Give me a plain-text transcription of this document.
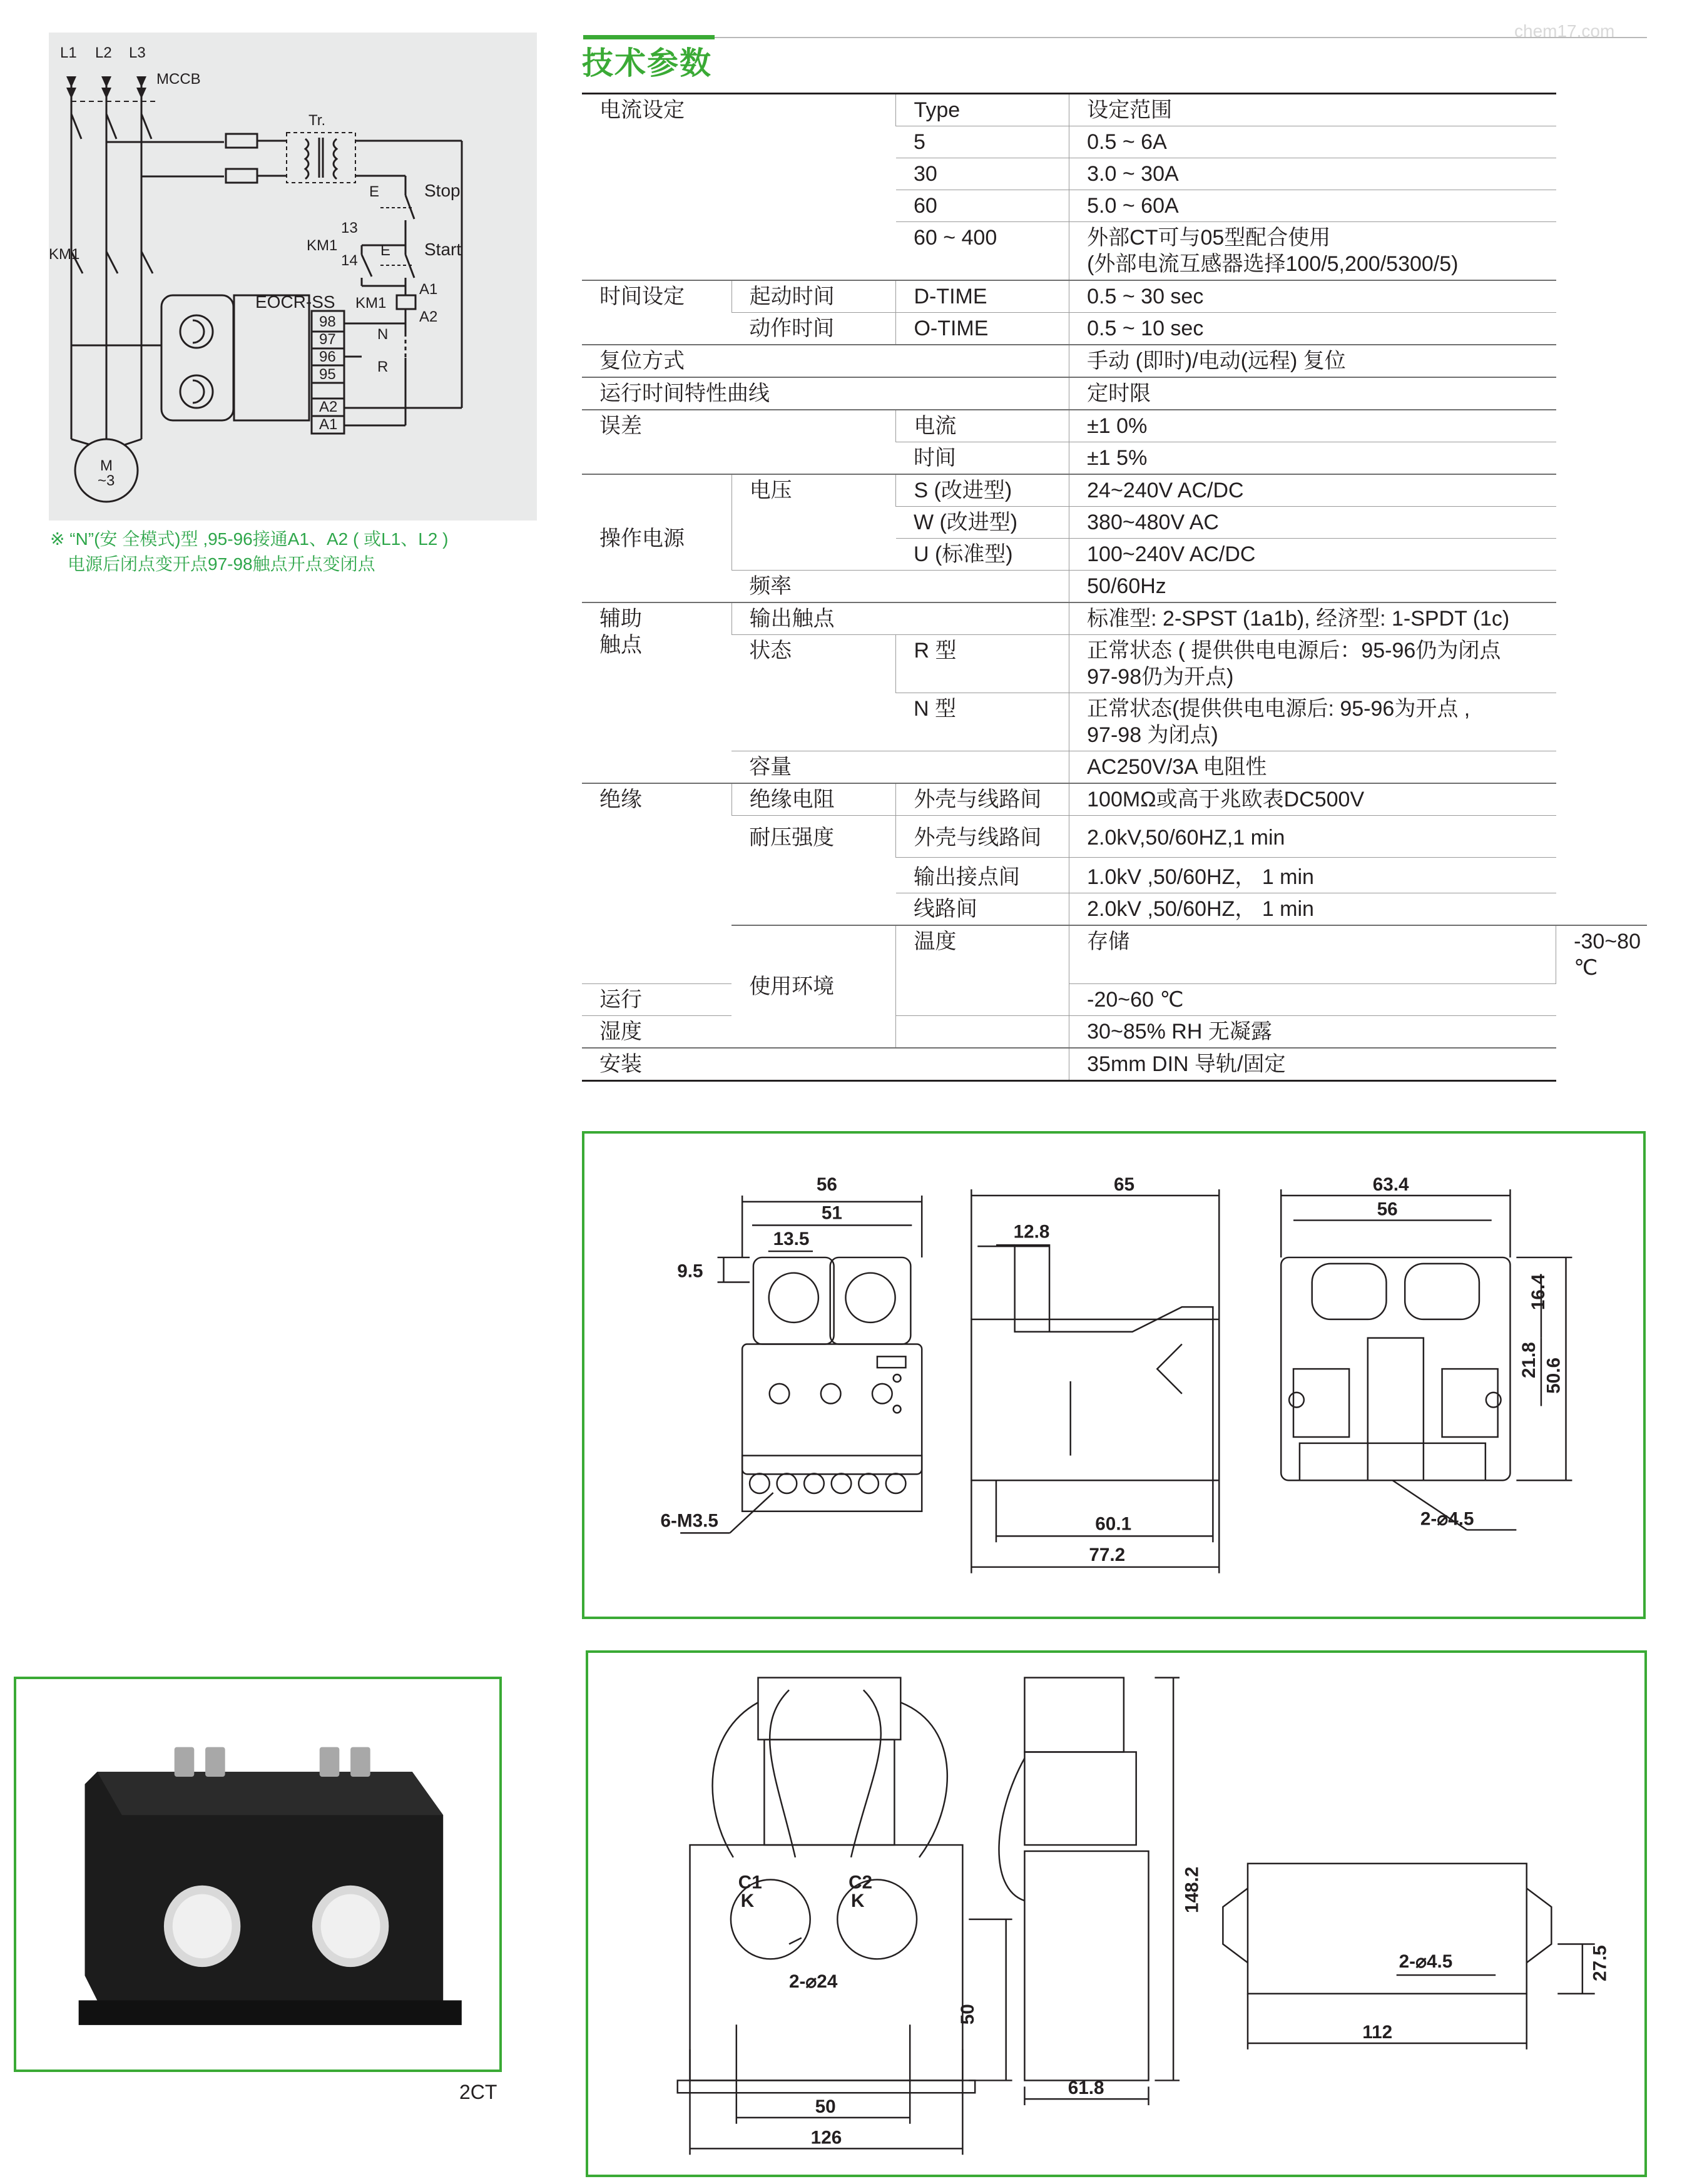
L1 L2 L3
MCCB
Tr.
Stop
E
Start
E
13
14
KM1
KM1
A1
KM1
A2
N
R
EOCR-SS
98
97
96
95
A2
A1
M
~3
※ “N”(安 全模式)型 ,95-96接通A1、A2 ( 或L1、L2 )
电源后闭点变开点97-98触点开点变闭点
技术参数
chem17.com
电流设定		Type	设定范围	
		5	0.5 ~ 6A	
		30	3.0 ~ 30A	
		60	5.0 ~ 60A	
		60 ~ 400	外部CT可与05型配合使用
(外部电流互感器选择100/5,200/5300/5)	

时间设定	起动时间	D-TIME	0.5 ~ 30 sec	
	动作时间	O-TIME	0.5 ~ 10 sec	
复位方式			手动 (即时)/电动(远程) 复位	
运行时间特性曲线			定时限	
误差		电流	±1 0%	
		时间	±1 5%	
操作电源	电压	S (改进型)	24~240V AC/DC	
		W (改进型)	380~480V AC	
		U (标准型)	100~240V AC/DC	
	频率		50/60Hz	

辅助
触点	输出触点		标准型: 2-SPST (1a1b), 经济型: 1-SPDT (1c)	
	状态	R 型	正常状态 ( 提供供电电源后：95-96仍为闭点
97-98仍为开点)	

		N 型	正常状态(提供供电电源后: 95-96为开点 ,
97-98 为闭点)	

	容量		AC250V/3A 电阻性	
绝缘	绝缘电阻	外壳与线路间	100MΩ或高于兆欧表DC500V	
	耐压强度	外壳与线路间	2.0kV,50/60HZ,1 min	
		输出接点间	1.0kV ,50/60HZ， 1 min	
		线路间	2.0kV ,50/60HZ， 1 min	
	使用环境	温度	存储	-30~80 ℃
运行			-20~60 ℃	
湿度			30~85% RH 无凝露	
安装			35mm DIN 导轨/固定	
56
51
13.5
9.5
6-M3.5
65
12.8
60.1
77.2
63.4
56
16.4
21.8 50.6
2-⌀4.5
C1	C2
K	K
2-⌀24
50
50
126
148.2
61.8
2-⌀4.5	27.5
112
2CT
